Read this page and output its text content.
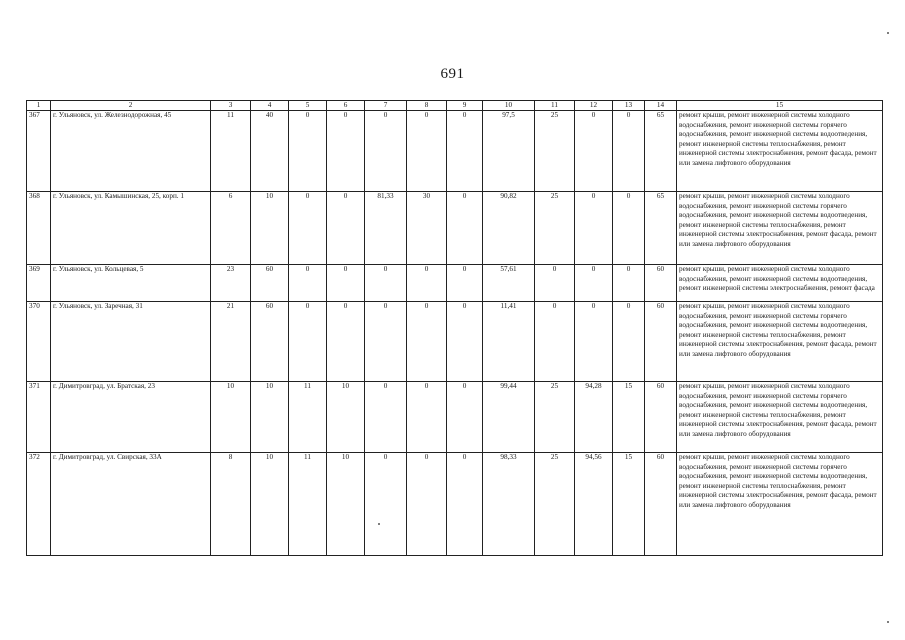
691
1	2	3	4	5	6	7	8	9	10	11	12	13	14	15
367	г. Ульяновск, ул. Железнодорожная, 45	11	40	0	0	0	0	0	97,5	25	0	0	65	ремонт крыши, ремонт инженерной системы холодного водоснабжения, ремонт инженерной системы горячего водоснабжения, ремонт инженерной системы водоотведения, ремонт инженерной системы теплоснабжения, ремонт инженерной системы электроснабжения, ремонт фасада, ремонт или замена лифтового оборудования
368	г. Ульяновск, ул. Камышинская, 25, корп. 1	6	10	0	0	81,33	30	0	90,82	25	0	0	65	ремонт крыши, ремонт инженерной системы холодного водоснабжения, ремонт инженерной системы горячего водоснабжения, ремонт инженерной системы водоотведения, ремонт инженерной системы теплоснабжения, ремонт инженерной системы электроснабжения, ремонт фасада, ремонт или замена лифтового оборудования
369	г. Ульяновск, ул. Кольцевая, 5	23	60	0	0	0	0	0	57,61	0	0	0	60	ремонт крыши, ремонт инженерной системы холодного водоснабжения, ремонт инженерной системы водоотведения, ремонт инженерной системы электроснабжения, ремонт фасада
370	г. Ульяновск, ул. Заречная, 31	21	60	0	0	0	0	0	11,41	0	0	0	60	ремонт крыши, ремонт инженерной системы холодного водоснабжения, ремонт инженерной системы горячего водоснабжения, ремонт инженерной системы водоотведения, ремонт инженерной системы теплоснабжения, ремонт инженерной системы электроснабжения, ремонт фасада, ремонт или замена лифтового оборудования
371	г. Димитровград, ул. Братская, 23	10	10	11	10	0	0	0	99,44	25	94,28	15	60	ремонт крыши, ремонт инженерной системы холодного водоснабжения, ремонт инженерной системы горячего водоснабжения, ремонт инженерной системы водоотведения, ремонт инженерной системы теплоснабжения, ремонт инженерной системы электроснабжения, ремонт фасада, ремонт или замена лифтового оборудования
372	г. Димитровград, ул. Свирская, 33А	8	10	11	10	0	0	0	98,33	25	94,56	15	60	ремонт крыши, ремонт инженерной системы холодного водоснабжения, ремонт инженерной системы горячего водоснабжения, ремонт инженерной системы водоотведения, ремонт инженерной системы теплоснабжения, ремонт инженерной системы электроснабжения, ремонт фасада, ремонт или замена лифтового оборудования
